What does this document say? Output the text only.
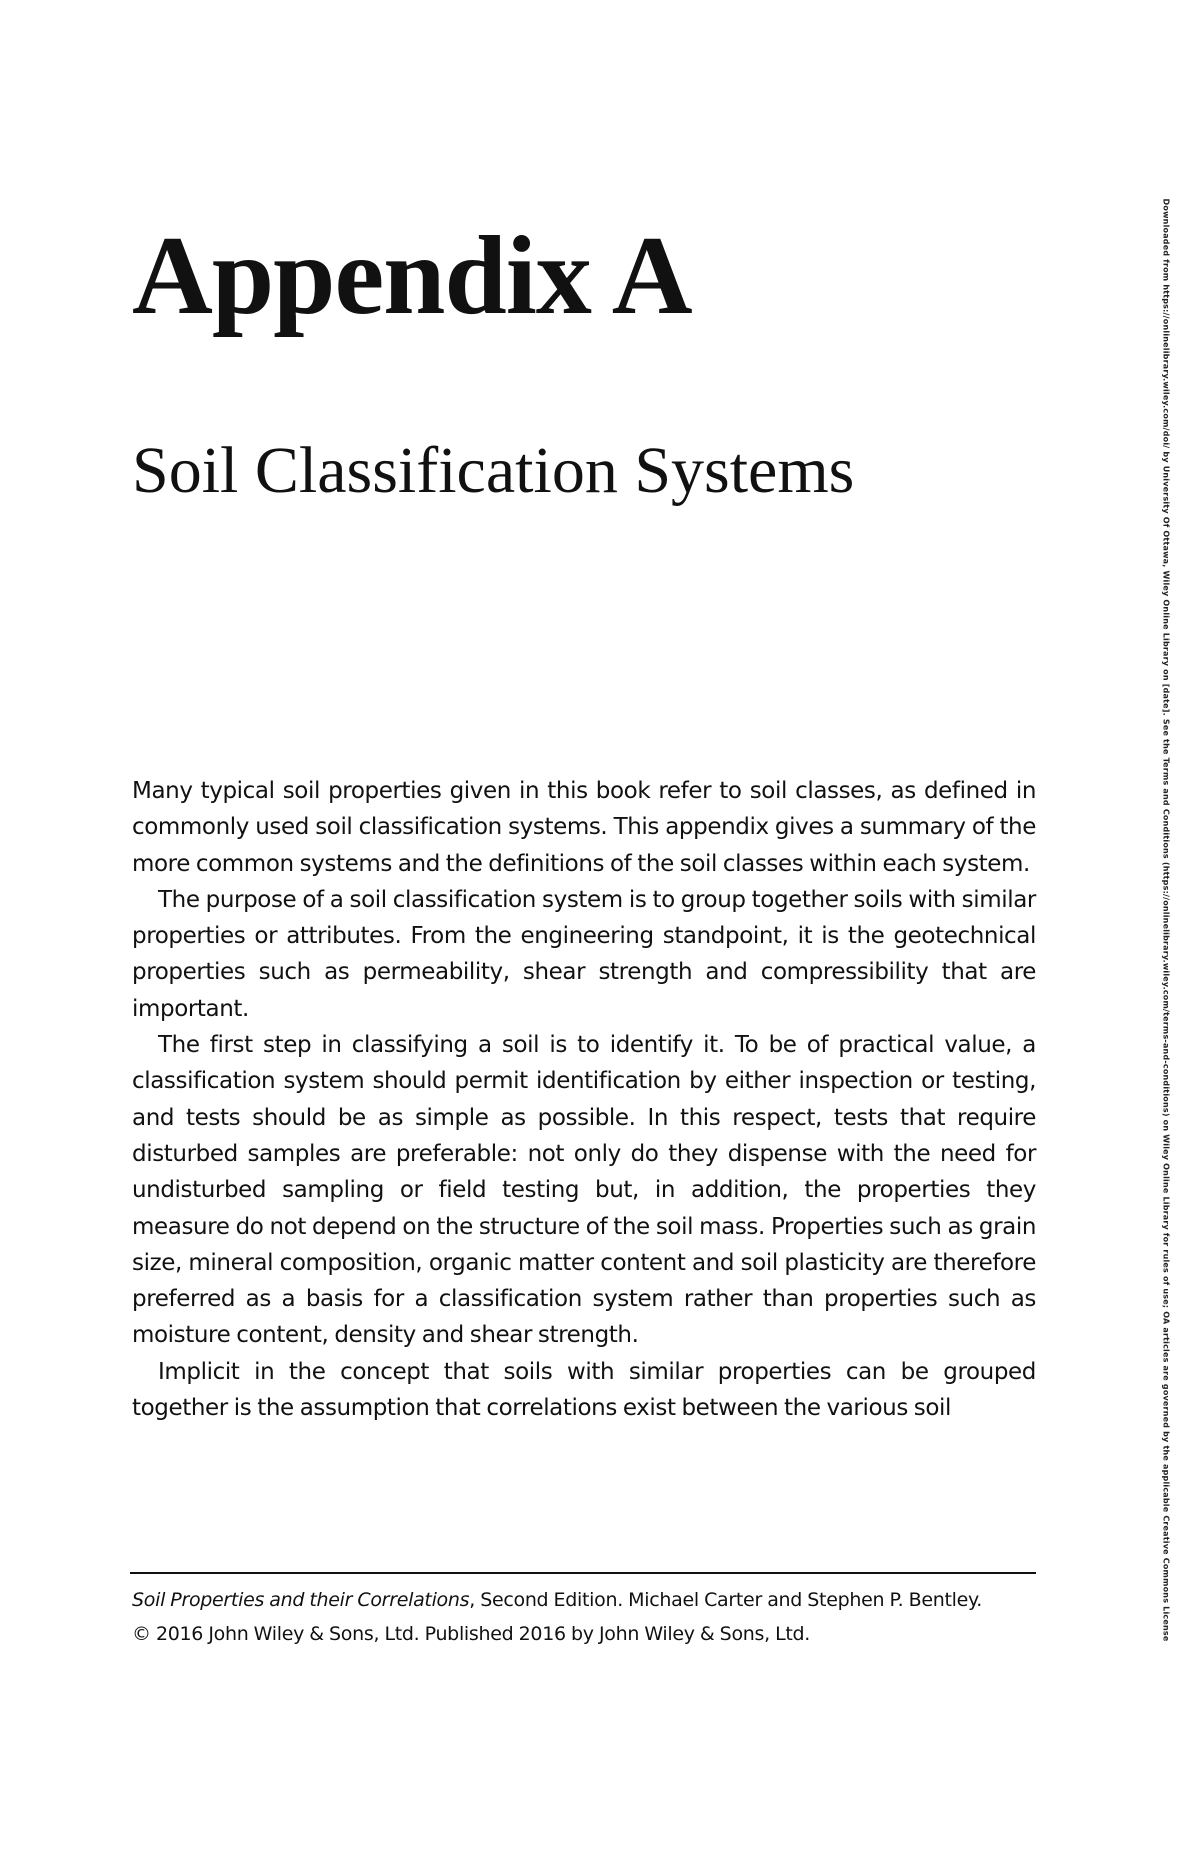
Appendix A
Soil Classification Systems

Many typical soil properties given in this book refer to soil classes, as defined in commonly used soil classification systems. This appendix gives a summary of the more common systems and the definitions of the soil classes within each system.

The purpose of a soil classification system is to group together soils with similar properties or attributes. From the engineering standpoint, it is the geotechnical properties such as permeability, shear strength and compressibility that are important.

The first step in classifying a soil is to identify it. To be of practical value, a classification system should permit identification by either inspection or testing, and tests should be as simple as possible. In this respect, tests that require disturbed samples are preferable: not only do they dispense with the need for undisturbed sampling or field testing but, in addition, the properties they measure do not depend on the structure of the soil mass. Properties such as grain size, mineral composition, organic matter content and soil plasticity are therefore preferred as a basis for a classification system rather than properties such as moisture content, density and shear strength.

Implicit in the concept that soils with similar properties can be grouped together is the assumption that correlations exist between the various soil

Soil Properties and their Correlations, Second Edition. Michael Carter and Stephen P. Bentley.
© 2016 John Wiley & Sons, Ltd. Published 2016 by John Wiley & Sons, Ltd.	Downloaded from https://onlinelibrary.wiley.com/doi/ by University Of Ottawa, Wiley Online Library on [date]. See the Terms and Conditions (https://onlinelibrary.wiley.com/terms-and-conditions) on Wiley Online Library for rules of use; OA articles are governed by the applicable Creative Commons License
